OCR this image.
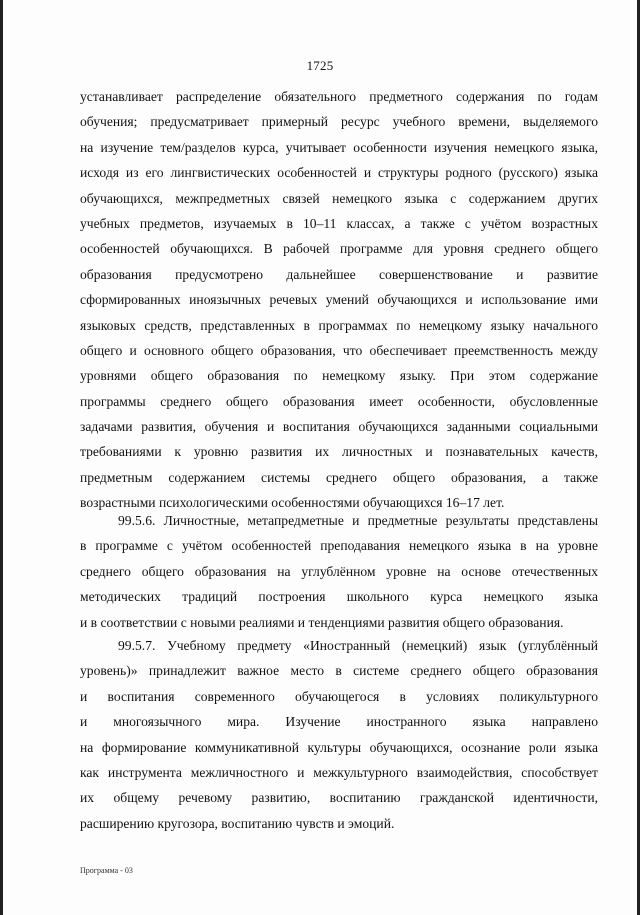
1725
устанавливает распределение обязательного предметного содержания по годам
обучения; предусматривает примерный ресурс учебного времени, выделяемого
на изучение тем/разделов курса, учитывает особенности изучения немецкого языка,
исходя из его лингвистических особенностей и структуры родного (русского) языка
обучающихся, межпредметных связей немецкого языка с содержанием других
учебных предметов, изучаемых в 10–11 классах, а также с учётом возрастных
особенностей обучающихся. В рабочей программе для уровня среднего общего
образования предусмотрено дальнейшее совершенствование и развитие
сформированных иноязычных речевых умений обучающихся и использование ими
языковых средств, представленных в программах по немецкому языку начального
общего и основного общего образования, что обеспечивает преемственность между
уровнями общего образования по немецкому языку. При этом содержание
программы среднего общего образования имеет особенности, обусловленные
задачами развития, обучения и воспитания обучающихся заданными социальными
требованиями к уровню развития их личностных и познавательных качеств,
предметным содержанием системы среднего общего образования, а также
возрастными психологическими особенностями обучающихся 16–17 лет.
99.5.6. Личностные, метапредметные и предметные результаты представлены
в программе с учётом особенностей преподавания немецкого языка в на уровне
среднего общего образования на углублённом уровне на основе отечественных
методических традиций построения школьного курса немецкого языка
и в соответствии с новыми реалиями и тенденциями развития общего образования.
99.5.7. Учебному предмету «Иностранный (немецкий) язык (углублённый
уровень)» принадлежит важное место в системе среднего общего образования
и воспитания современного обучающегося в условиях поликультурного
и многоязычного мира. Изучение иностранного языка направлено
на формирование коммуникативной культуры обучающихся, осознание роли языка
как инструмента межличностного и межкультурного взаимодействия, способствует
их общему речевому развитию, воспитанию гражданской идентичности,
расширению кругозора, воспитанию чувств и эмоций.
Программа - 03
